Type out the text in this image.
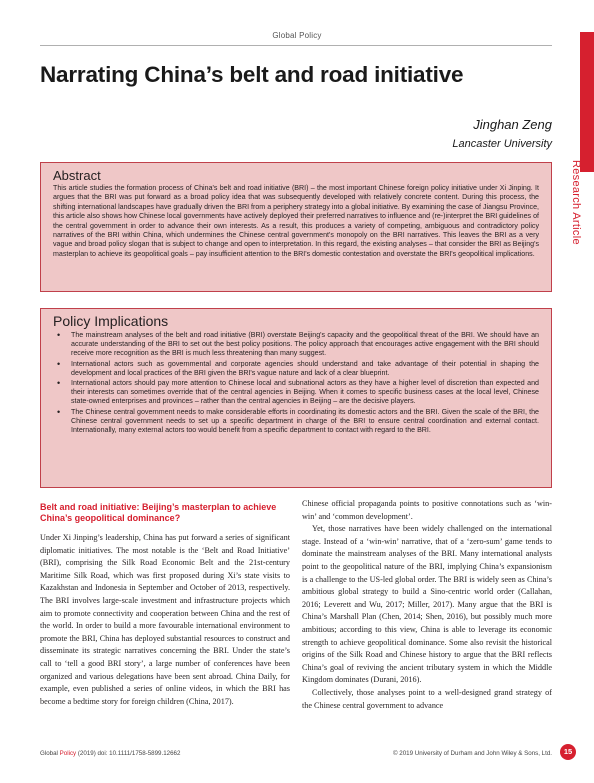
Global Policy
Research Article
Narrating China’s belt and road initiative
Jinghan Zeng
Lancaster University
Abstract

This article studies the formation process of China's belt and road initiative (BRI) – the most important Chinese foreign policy initiative under Xi Jinping. It argues that the BRI was put forward as a broad policy idea that was subsequently developed with relatively concrete content. During this process, the shifting international landscapes have gradually driven the BRI from a periphery strategy into a global initiative. By examining the case of Jiangsu Province, this article also shows how Chinese local governments have actively deployed their preferred narratives to influence and (re-)interpret the BRI guidelines of the central government in order to advance their own interests. As a result, this produces a variety of competing, ambiguous and contradictory policy narratives of the BRI within China, which undermines the Chinese central government's monopoly on the BRI narratives. This leaves the BRI as a very vague and broad policy slogan that is subject to change and open to interpretation. In this regard, the existing analyses – that consider the BRI as Beijing's masterplan to achieve its geopolitical goals – pay insufficient attention to the BRI's domestic contestation and overstate the BRI's geopolitical implications.

Policy Implications
• The mainstream analyses of the belt and road initiative (BRI) overstate Beijing's capacity and the geopolitical threat of the BRI. We should have an accurate understanding of the BRI to set out the best policy positions. The policy approach that encourages active engagement with the BRI should receive more recognition as the BRI is much less threatening than many suggest.
• International actors such as governmental and corporate agencies should understand and take advantage of their potential in shaping the development and local practices of the BRI given the BRI's vague nature and lack of a clear blueprint.
• International actors should pay more attention to Chinese local and subnational actors as they have a higher level of discretion than expected and their interests can sometimes override that of the central agencies in Beijing. When it comes to specific business cases at the local level, Chinese state-owned enterprises and provinces – rather than the central agencies in Beijing – are the decisive players.
• The Chinese central government needs to make considerable efforts in coordinating its domestic actors and the BRI. Given the scale of the BRI, the Chinese central government needs to set up a specific department in charge of the BRI to ensure central coordination and external contact. Internationally, many external actors too would benefit from a specific department to contact with regard to the BRI.
Belt and road initiative: Beijing’s masterplan to achieve China’s geopolitical dominance?

Under Xi Jinping’s leadership, China has put forward a series of significant diplomatic initiatives. The most notable is the ‘Belt and Road Initiative’ (BRI), comprising the Silk Road Economic Belt and the 21st-century Maritime Silk Road, which was first proposed during Xi’s state visits to Kazakhstan and Indonesia in September and October of 2013, respectively. The BRI involves large-scale investment and infrastructure projects which aim to promote connectivity and cooperation between China and the rest of the world. In order to build a more favourable international environment to promote the BRI, China has deployed substantial resources to construct and disseminate its strategic narratives concerning the BRI. Under the state’s call to ‘tell a good BRI story’, a large number of conferences have been organized and various delegations have been sent abroad. China Daily, for example, even published a series of online videos, in which the BRI has become a bedtime story for foreign children (China, 2017).

Chinese official propaganda points to positive connotations such as ‘win-win’ and ‘common development’.

Yet, those narratives have been widely challenged on the international stage. Instead of a ‘win-win’ narrative, that of a ‘zero-sum’ game tends to dominate the mainstream analyses of the BRI. Many international analysts point to the geopolitical nature of the BRI, implying China’s expansionism is a challenge to the US-led global order. The BRI is widely seen as China’s ambitious global strategy to build a Sino-centric world order (Callahan, 2016; Leverett and Wu, 2017; Miller, 2017). Many argue that the BRI is China’s Marshall Plan (Chen, 2014; Shen, 2016), but possibly much more ambitious; according to this view, China is able to leverage its economic strength to achieve geopolitical dominance. Some also revisit the historical origins of the Silk Road and Chinese history to argue that the BRI reflects China’s goal of reviving the ancient tributary system in which the Middle Kingdom dominates (Durani, 2016).

Collectively, those analyses point to a well-designed grand strategy of the Chinese central government to advance

Global Policy (2019) doi: 10.1111/1758-5899.12662	© 2019 University of Durham and John Wiley & Sons, Ltd.	15
